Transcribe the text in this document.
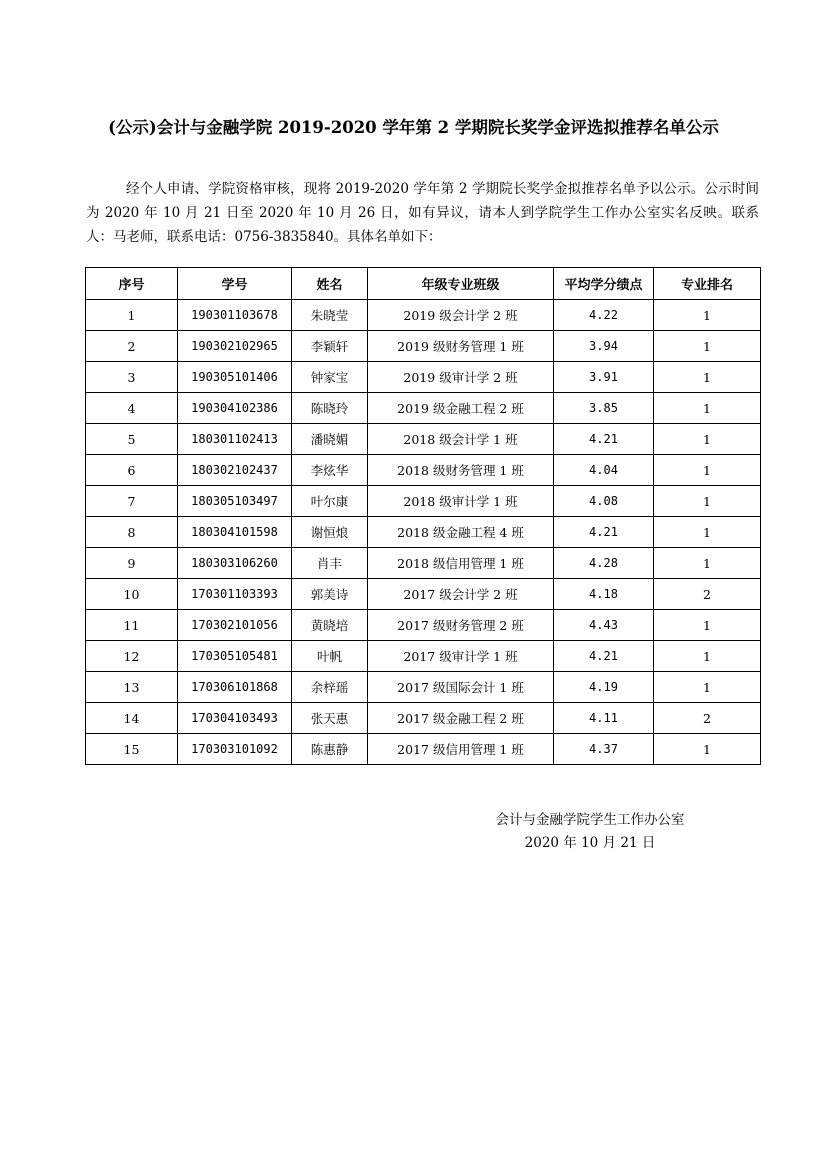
(公示)会计与金融学院 2019-2020 学年第 2 学期院长奖学金评选拟推荐名单公示
经个人申请、学院资格审核，现将 2019-2020 学年第 2 学期院长奖学金拟推荐名单予以公示。公示时间为 2020 年 10 月 21 日至 2020 年 10 月 26 日，如有异议，请本人到学院学生工作办公室实名反映。联系人：马老师，联系电话：0756-3835840。具体名单如下：
序号	学号	姓名	年级专业班级	平均学分绩点	专业排名
1	190301103678	朱晓莹	2019 级会计学 2 班	4.22	1
2	190302102965	李颖轩	2019 级财务管理 1 班	3.94	1
3	190305101406	钟家宝	2019 级审计学 2 班	3.91	1
4	190304102386	陈晓玲	2019 级金融工程 2 班	3.85	1
5	180301102413	潘晓媚	2018 级会计学 1 班	4.21	1
6	180302102437	李炫华	2018 级财务管理 1 班	4.04	1
7	180305103497	叶尔康	2018 级审计学 1 班	4.08	1
8	180304101598	谢恒烺	2018 级金融工程 4 班	4.21	1
9	180303106260	肖丰	2018 级信用管理 1 班	4.28	1
10	170301103393	郭美诗	2017 级会计学 2 班	4.18	2
11	170302101056	黄晓培	2017 级财务管理 2 班	4.43	1
12	170305105481	叶帆	2017 级审计学 1 班	4.21	1
13	170306101868	余梓瑶	2017 级国际会计 1 班	4.19	1
14	170304103493	张天惠	2017 级金融工程 2 班	4.11	2
15	170303101092	陈惠静	2017 级信用管理 1 班	4.37	1
会计与金融学院学生工作办公室
2020 年 10 月 21 日
